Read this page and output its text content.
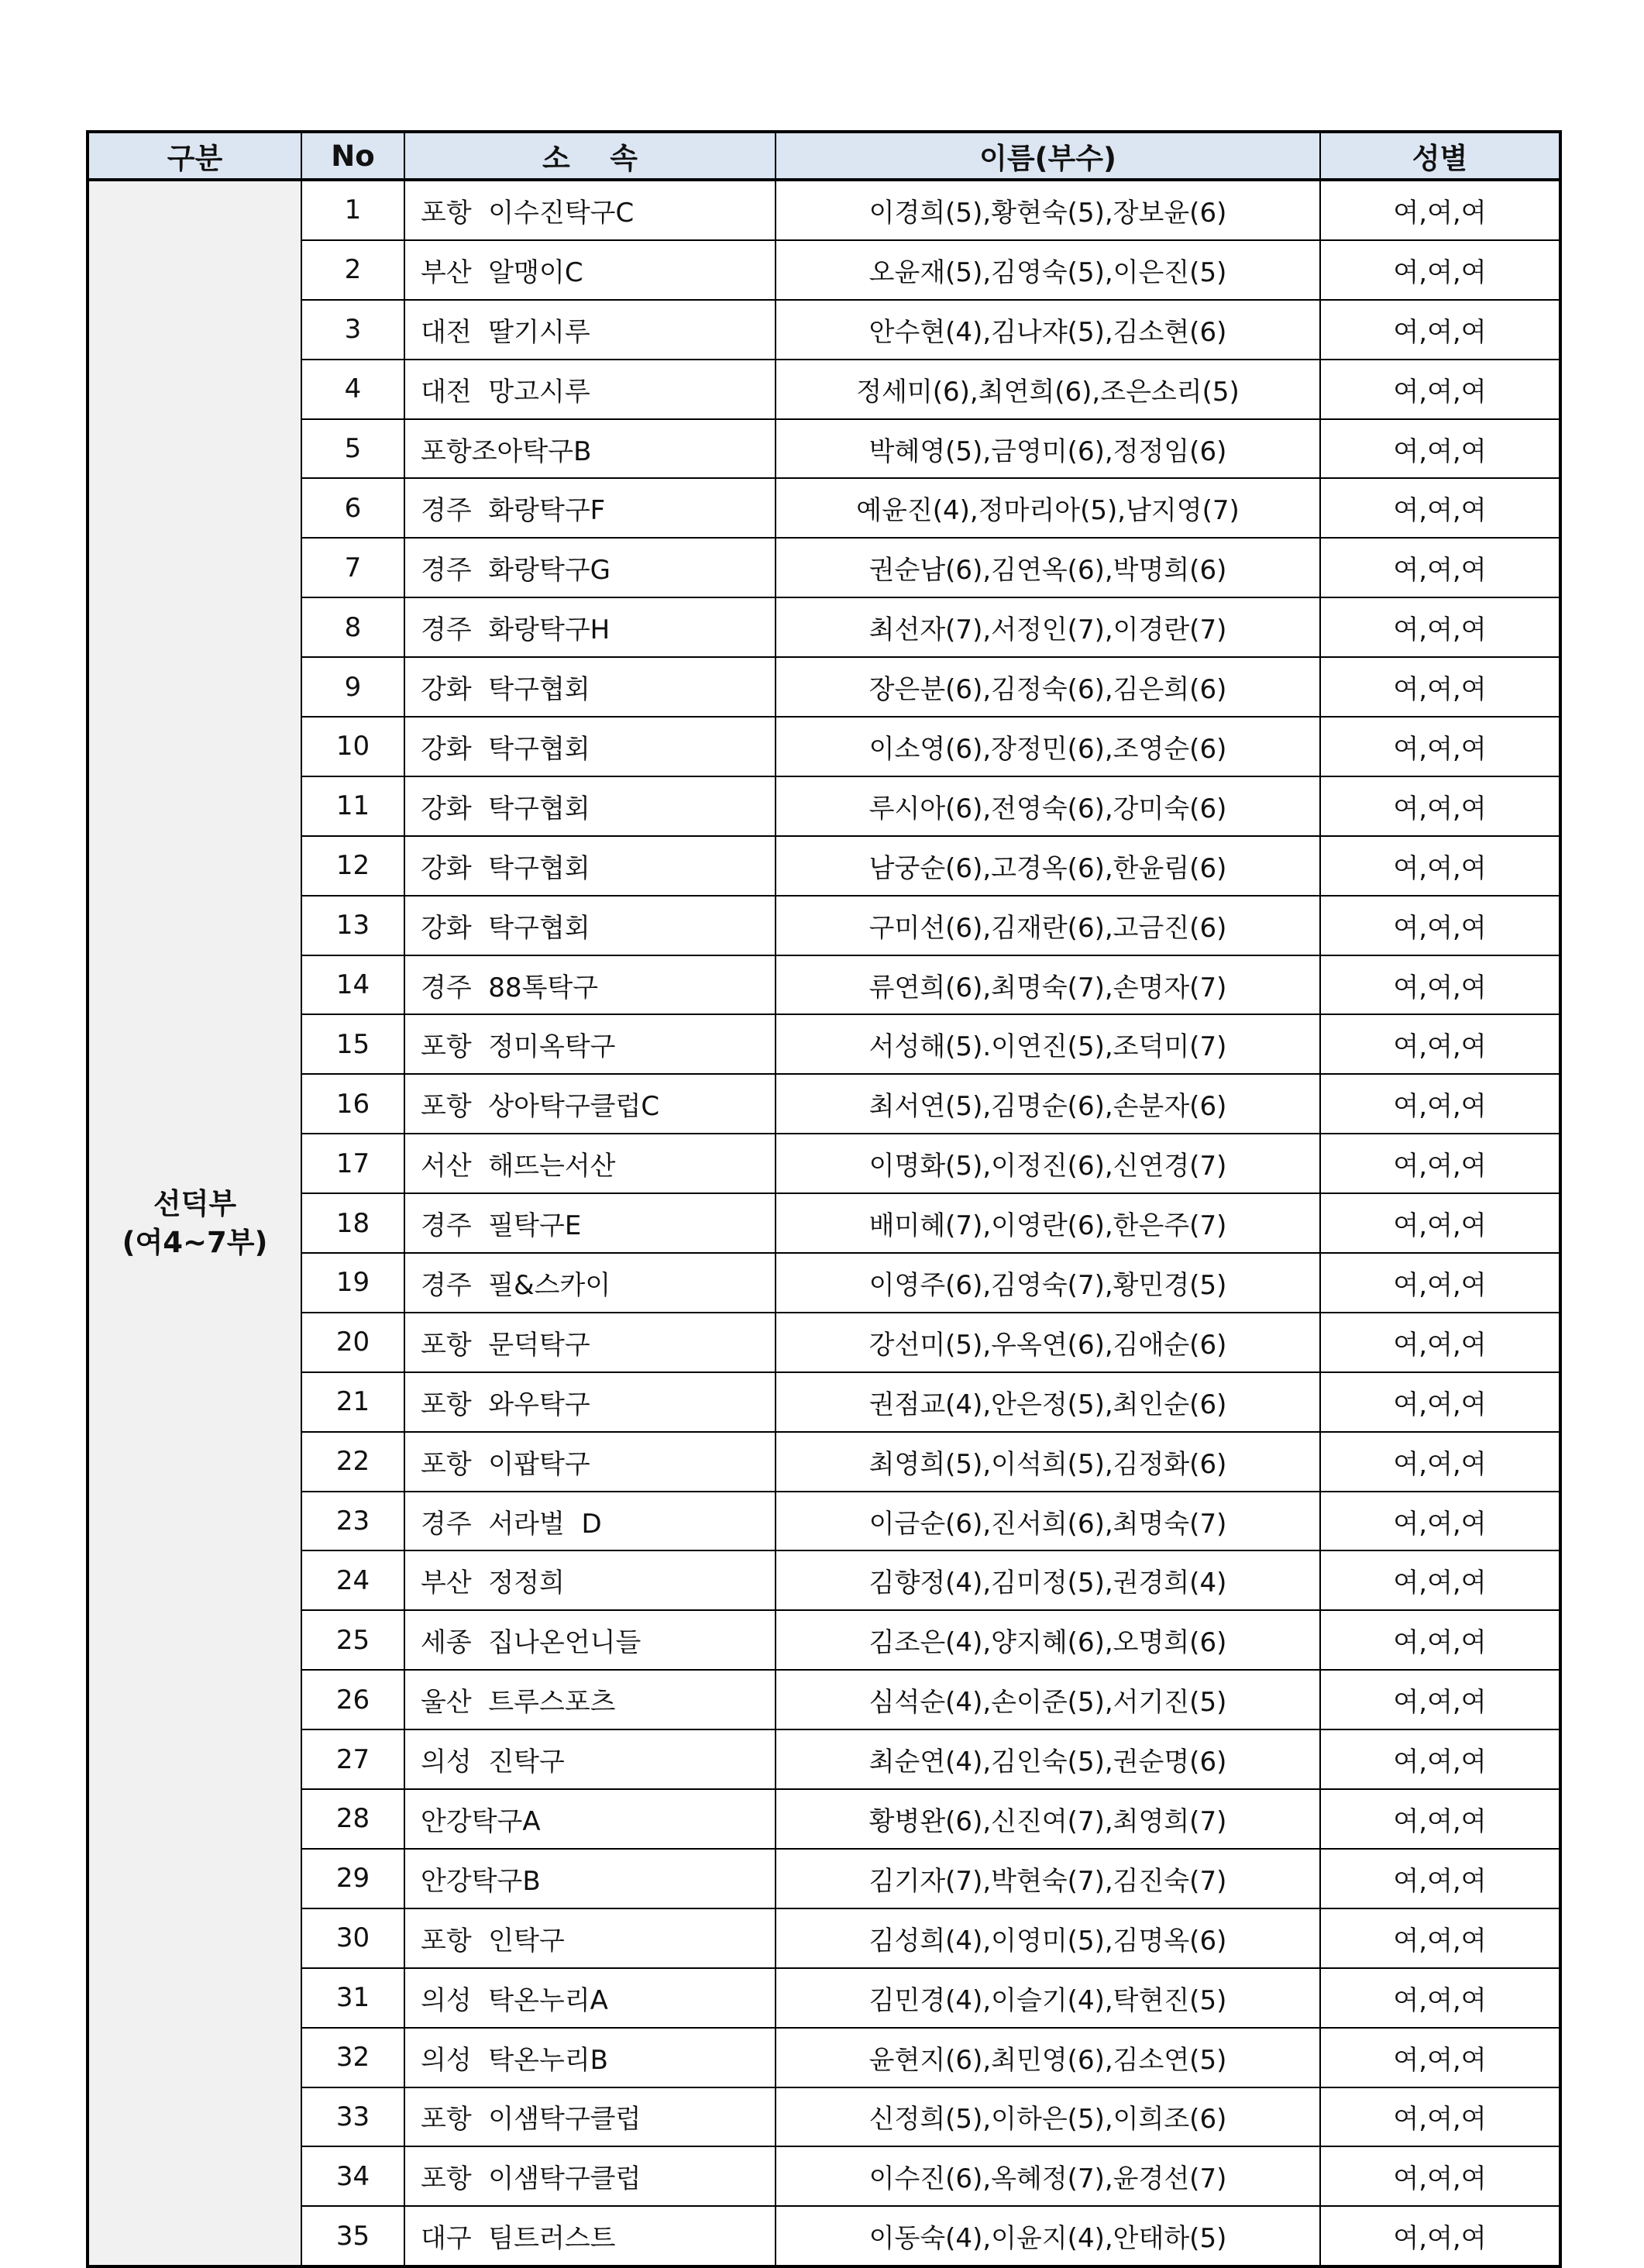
구분	No	소    속	이름(부수)	성별

선덕부
(여4~7부)	1	포항  이수진탁구C	이경희(5),황현숙(5),장보윤(6)	여,여,여
	2	부산  알맹이C	오윤재(5),김영숙(5),이은진(5)	여,여,여
	3	대전  딸기시루	안수현(4),김나쟈(5),김소현(6)	여,여,여
	4	대전  망고시루	정세미(6),최연희(6),조은소리(5)	여,여,여
	5	포항조아탁구B	박혜영(5),금영미(6),정정임(6)	여,여,여
	6	경주  화랑탁구F	예윤진(4),정마리아(5),남지영(7)	여,여,여
	7	경주  화랑탁구G	권순남(6),김연옥(6),박명희(6)	여,여,여
	8	경주  화랑탁구H	최선자(7),서정인(7),이경란(7)	여,여,여
	9	강화  탁구협회	장은분(6),김정숙(6),김은희(6)	여,여,여
	10	강화  탁구협회	이소영(6),장정민(6),조영순(6)	여,여,여
	11	강화  탁구협회	루시아(6),전영숙(6),강미숙(6)	여,여,여
	12	강화  탁구협회	남궁순(6),고경옥(6),한윤림(6)	여,여,여
	13	강화  탁구협회	구미선(6),김재란(6),고금진(6)	여,여,여
	14	경주  88톡탁구	류연희(6),최명숙(7),손명자(7)	여,여,여
	15	포항  정미옥탁구	서성해(5).이연진(5),조덕미(7)	여,여,여
	16	포항  상아탁구클럽C	최서연(5),김명순(6),손분자(6)	여,여,여
	17	서산  해뜨는서산	이명화(5),이정진(6),신연경(7)	여,여,여
	18	경주  필탁구E	배미혜(7),이영란(6),한은주(7)	여,여,여
	19	경주  필&스카이	이영주(6),김영숙(7),황민경(5)	여,여,여
	20	포항  문덕탁구	강선미(5),우옥연(6),김애순(6)	여,여,여
	21	포항  와우탁구	권점교(4),안은정(5),최인순(6)	여,여,여
	22	포항  이팝탁구	최영희(5),이석희(5),김정화(6)	여,여,여
	23	경주  서라벌  D	이금순(6),진서희(6),최명숙(7)	여,여,여
	24	부산  정정희	김향정(4),김미정(5),권경희(4)	여,여,여
	25	세종  집나온언니들	김조은(4),양지혜(6),오명희(6)	여,여,여
	26	울산  트루스포츠	심석순(4),손이준(5),서기진(5)	여,여,여
	27	의성  진탁구	최순연(4),김인숙(5),권순명(6)	여,여,여
	28	안강탁구A	황병완(6),신진여(7),최영희(7)	여,여,여
	29	안강탁구B	김기자(7),박현숙(7),김진숙(7)	여,여,여
	30	포항  인탁구	김성희(4),이영미(5),김명옥(6)	여,여,여
	31	의성  탁온누리A	김민경(4),이슬기(4),탁현진(5)	여,여,여
	32	의성  탁온누리B	윤현지(6),최민영(6),김소연(5)	여,여,여
	33	포항  이샘탁구클럽	신정희(5),이하은(5),이희조(6)	여,여,여
	34	포항  이샘탁구클럽	이수진(6),옥혜정(7),윤경선(7)	여,여,여
	35	대구  팀트러스트	이동숙(4),이윤지(4),안태하(5)	여,여,여
